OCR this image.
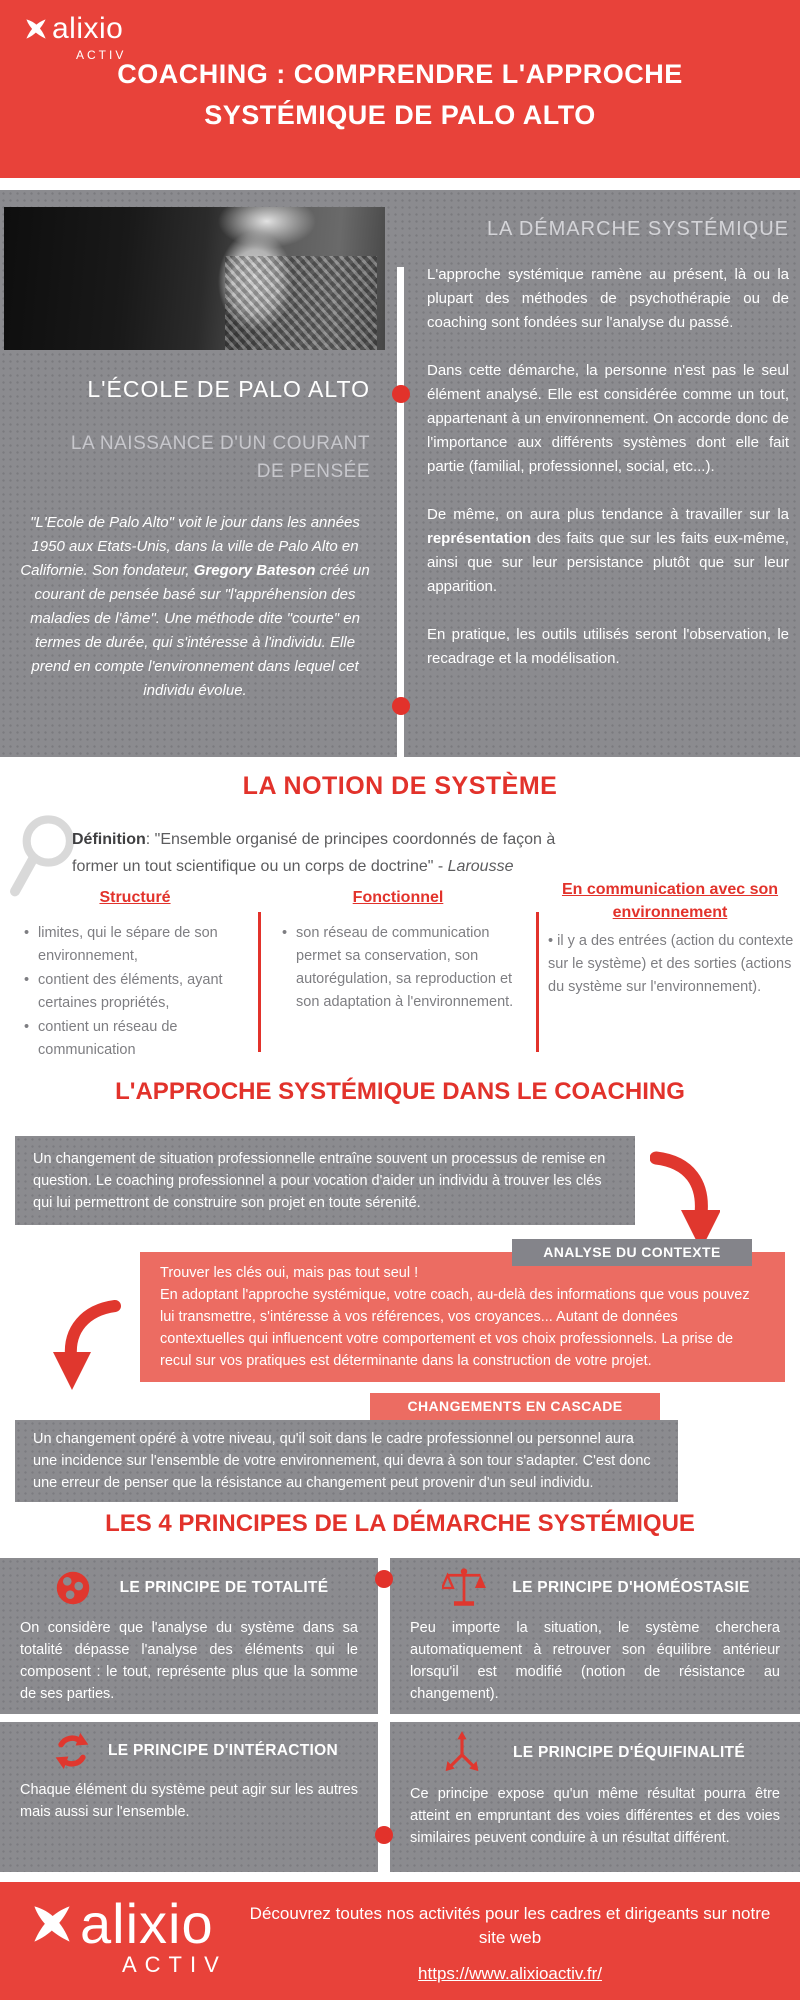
alixio
ACTIV
COACHING : COMPRENDRE L'APPROCHE
SYSTÉMIQUE DE PALO ALTO
L'ÉCOLE DE PALO ALTO
LA NAISSANCE D'UN COURANT
DE PENSÉE
"L'Ecole de Palo Alto" voit le jour dans les années 1950 aux Etats-Unis, dans la ville de Palo Alto en Californie. Son fondateur, Gregory Bateson créé un courant de pensée basé sur "l'appréhension des maladies de l'âme". Une méthode dite "courte" en termes de durée, qui s'intéresse à l'individu. Elle prend en compte l'environnement dans lequel cet individu évolue.
LA DÉMARCHE SYSTÉMIQUE

L'approche systémique ramène au présent, là ou la plupart des méthodes de psychothérapie ou de coaching sont fondées sur l'analyse du passé.

Dans cette démarche, la personne n'est pas le seul élément analysé. Elle est considérée comme un tout, appartenant à un environnement. On accorde donc de l'importance aux différents systèmes dont elle fait partie (familial, professionnel, social, etc...).

De même, on aura plus tendance à travailler sur la représentation des faits que sur les faits eux-même, ainsi que sur leur persistance plutôt que sur leur apparition.

En pratique, les outils utilisés seront l'observation, le recadrage et la modélisation.

LA NOTION DE SYSTÈME
Définition: "Ensemble organisé de principes coordonnés de façon à former un tout scientifique ou un corps de doctrine" - Larousse
Structuré	Fonctionnel	En communication avec son environnement
• limites, qui le sépare de son environnement,
• contient des éléments, ayant certaines propriétés,
• contient un réseau de communication
• son réseau de communication permet sa conservation, son autorégulation, sa reproduction et son adaptation à l'environnement.
• il y a des entrées (action du contexte sur le système) et des sorties (actions du système sur l'environnement).
L'APPROCHE SYSTÉMIQUE DANS LE COACHING
Un changement de situation professionnelle entraîne souvent un processus de remise en question. Le coaching professionnel a pour vocation d'aider un individu à trouver les clés qui lui permettront de construire son projet en toute sérenité.
ANALYSE DU CONTEXTE
Trouver les clés oui, mais pas tout seul !
En adoptant l'approche systémique, votre coach, au-delà des informations que vous pouvez lui transmettre, s'intéresse à vos références, vos croyances... Autant de données contextuelles qui influencent votre comportement et vos choix professionnels. La prise de recul sur vos pratiques est déterminante dans la construction de votre projet.
CHANGEMENTS EN CASCADE
Un changement opéré à votre niveau, qu'il soit dans le cadre professionnel ou personnel aura une incidence sur l'ensemble de votre environnement, qui devra à son tour s'adapter. C'est donc une erreur de penser que la résistance au changement peut provenir d'un seul individu.
LES 4 PRINCIPES DE LA DÉMARCHE SYSTÉMIQUE
LE PRINCIPE DE TOTALITÉ
On considère que l'analyse du système dans sa totalité dépasse l'analyse des éléments qui le composent : le tout, représente plus que la somme de ses parties.
LE PRINCIPE D'HOMÉOSTASIE
Peu importe la situation, le système cherchera automatiquement à retrouver son équilibre antérieur lorsqu'il est modifié (notion de résistance au changement).
LE PRINCIPE D'INTÉRACTION
Chaque élément du système peut agir sur les autres mais aussi sur l'ensemble.
LE PRINCIPE D'ÉQUIFINALITÉ
Ce principe expose qu'un même résultat pourra être atteint en empruntant des voies différentes et des voies similaires peuvent conduire à un résultat différent.
alixio
ACTIV
Découvrez toutes nos activités pour les cadres et dirigeants sur notre site web
https://www.alixioactiv.fr/
